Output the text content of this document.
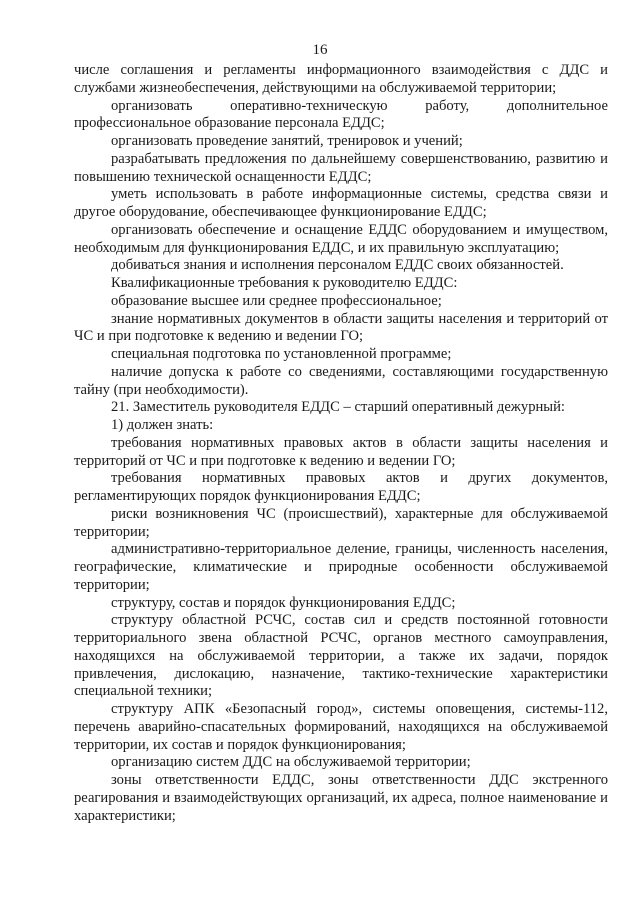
16

числе соглашения и регламенты информационного взаимодействия с ДДС и службами жизнеобеспечения, действующими на обслуживаемой территории;

организовать оперативно-техническую работу, дополнительное профессиональное образование персонала ЕДДС;

организовать проведение занятий, тренировок и учений;

разрабатывать предложения по дальнейшему совершенствованию, развитию и повышению технической оснащенности ЕДДС;

уметь использовать в работе информационные системы, средства связи и другое оборудование, обеспечивающее функционирование ЕДДС;

организовать обеспечение и оснащение ЕДДС оборудованием и имуществом, необходимым для функционирования ЕДДС, и их правильную эксплуатацию;

добиваться знания и исполнения персоналом ЕДДС своих обязанностей.

Квалификационные требования к руководителю ЕДДС:

образование высшее или среднее профессиональное;

знание нормативных документов в области защиты населения и территорий от ЧС и при подготовке к ведению и ведении ГО;

специальная подготовка по установленной программе;

наличие допуска к работе со сведениями, составляющими государственную тайну (при необходимости).

21. Заместитель руководителя ЕДДС – старший оперативный дежурный:

1) должен знать:

требования нормативных правовых актов в области защиты населения и территорий от ЧС и при подготовке к ведению и ведении ГО;

требования нормативных правовых актов и других документов, регламентирующих порядок функционирования ЕДДС;

риски возникновения ЧС (происшествий), характерные для обслуживаемой территории;

административно-территориальное деление, границы, численность населения, географические, климатические и природные особенности обслуживаемой территории;

структуру, состав и порядок функционирования ЕДДС;

структуру областной РСЧС, состав сил и средств постоянной готовности территориального звена областной РСЧС, органов местного самоуправления, находящихся на обслуживаемой территории, а также их задачи, порядок привлечения, дислокацию, назначение, тактико-технические характеристики специальной техники;

структуру АПК «Безопасный город», системы оповещения, системы-112, перечень аварийно-спасательных формирований, находящихся на обслуживаемой территории, их состав и порядок функционирования;

организацию систем ДДС на обслуживаемой территории;

зоны ответственности ЕДДС, зоны ответственности ДДС экстренного реагирования и взаимодействующих организаций, их адреса, полное наименование и характеристики;
